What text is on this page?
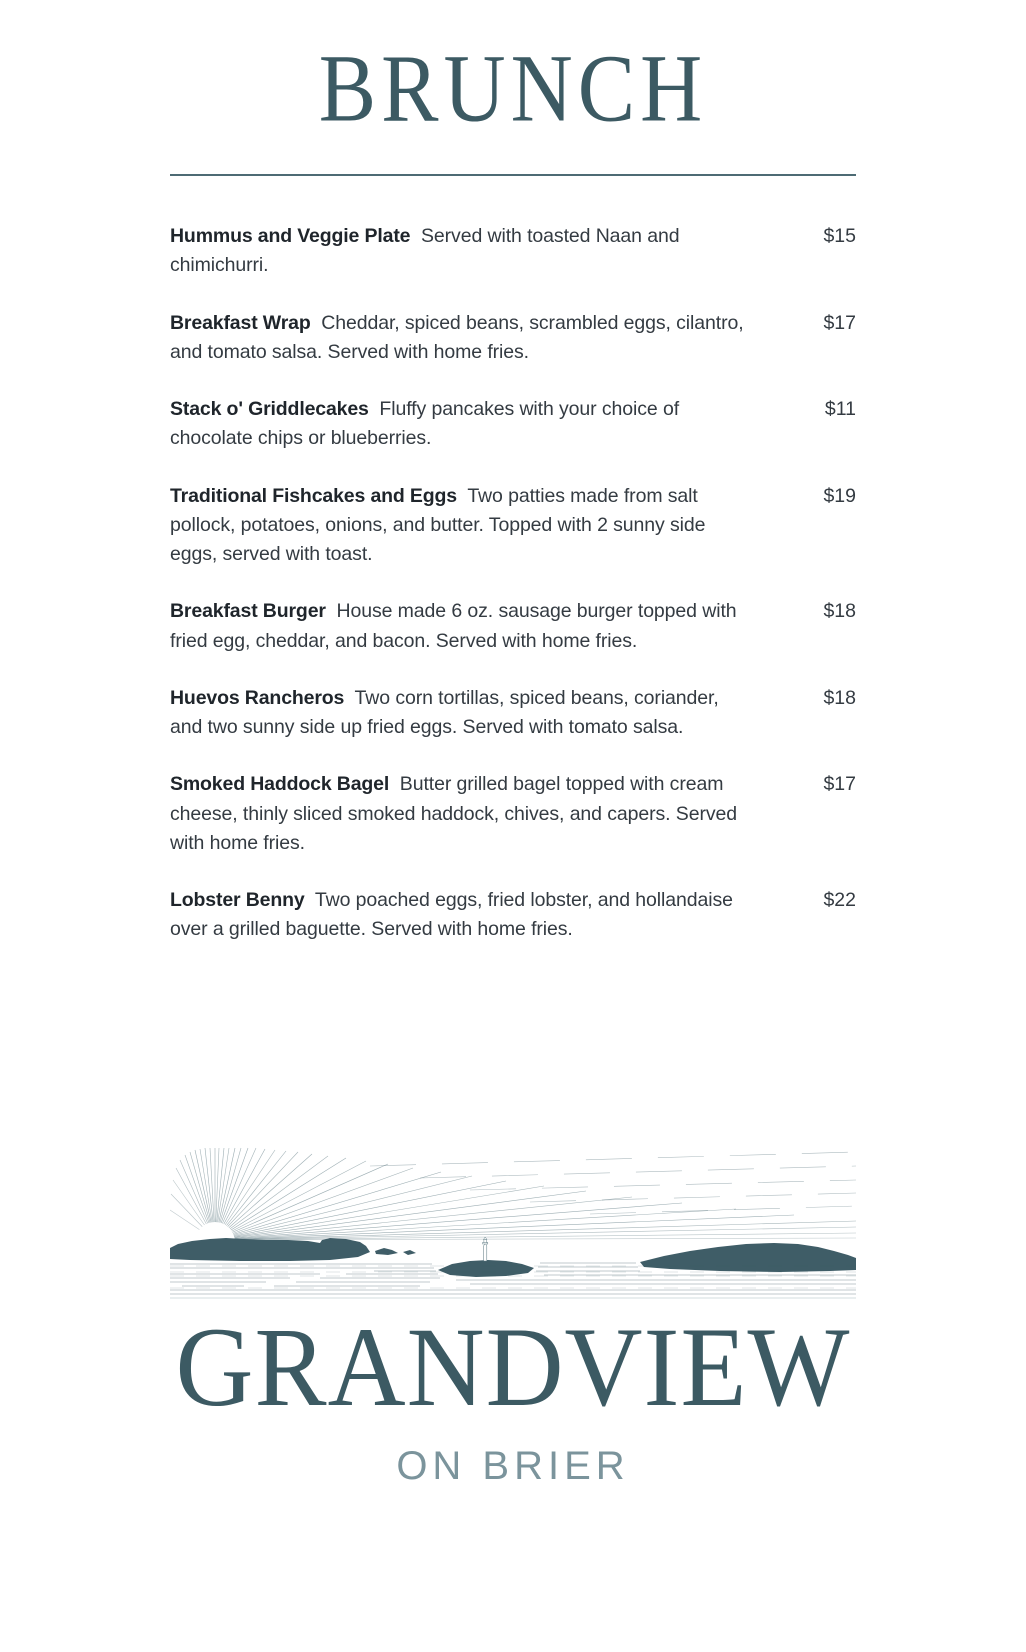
BRUNCH
Hummus and Veggie Plate Served with toasted Naan and chimichurri.
$15
Breakfast Wrap Cheddar, spiced beans, scrambled eggs, cilantro, and tomato salsa. Served with home fries.
$17
Stack o' Griddlecakes Fluffy pancakes with your choice of chocolate chips or blueberries.
$11
Traditional Fishcakes and Eggs Two patties made from salt pollock, potatoes, onions, and butter. Topped with 2 sunny side eggs, served with toast.
$19
Breakfast Burger House made 6 oz. sausage burger topped with fried egg, cheddar, and bacon. Served with home fries.
$18
Huevos Rancheros Two corn tortillas, spiced beans, coriander, and two sunny side up fried eggs. Served with tomato salsa.
$18
Smoked Haddock Bagel Butter grilled bagel topped with cream cheese, thinly sliced smoked haddock, chives, and capers. Served with home fries.
$17
Lobster Benny Two poached eggs, fried lobster, and hollandaise over a grilled baguette. Served with home fries.
$22
GRANDVIEW
ON BRIER
